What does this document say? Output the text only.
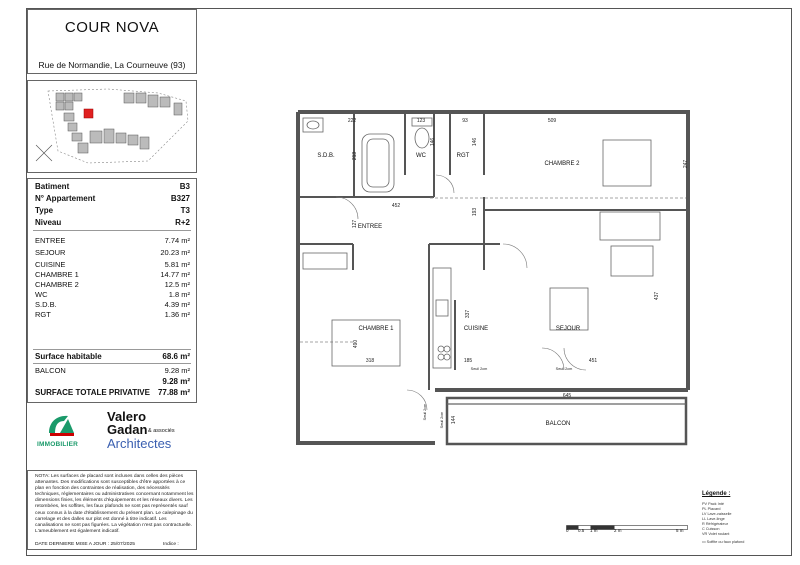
COUR NOVA
Rue de Normandie, La Courneuve (93)
Batiment	B3
N° Appartement	B327
Type	T3
Niveau	R+2
ENTREE	7.74 m²
SEJOUR	20.23 m²
CUISINE	5.81 m²
CHAMBRE 1	14.77 m²
CHAMBRE 2	12.5 m²
WC	1.8 m²
S.D.B.	4.39 m²
RGT	1.36 m²
Surface habitable	68.6 m²
BALCON	9.28 m²
9.28 m²
SURFACE TOTALE PRIVATIVE 77.88 m²
IMMOBILIER
Valero
Gadan & associés
Architectes
NOTA: Les surfaces de placard sont incluses dans celles des pièces attenantes. Des modifications sont susceptibles d'être apportées à ce plan en fonction des contraintes de réalisation, des nécessités techniques, réglementaires ou administratives concernant notamment les dimensions finies, les éléments d'équipements et les réseaux divers. Les retombées, les soffites, les faux plafonds ne sont pas représentés sauf ceux connus à la date d'établissement du présent plan. Le calepinage du carrelage et des dalles sur plot est donné à titre indicatif. Les canalisations ne sont pas figurées. La végétation n'est pas contractuelle. L'ameublement est également indicatif.
DATE DERNIERE MISE A JOUR : 25/07/2025	Indice :
S.D.B.	WC	RGT
CHAMBRE 2
ENTREE
CHAMBRE 1	CUISINE	SEJOUR
BALCON
222	123	93	509
452
318	185	451
645
213
146	146
247
193
127
437
337
490
144
Seuil 2cm	Seuil 2cm
Seuil 2cm	Seuil 2cm
Légende :
PV Pack Inté
PL Placard
LV Lave-vaisselle
LL Lave-linge
R Réfrigérateur
C Cuisson
VR Volet roulant
▭ Soffite ou faux plafond
0 0.5 1 m	2 m	5 m
